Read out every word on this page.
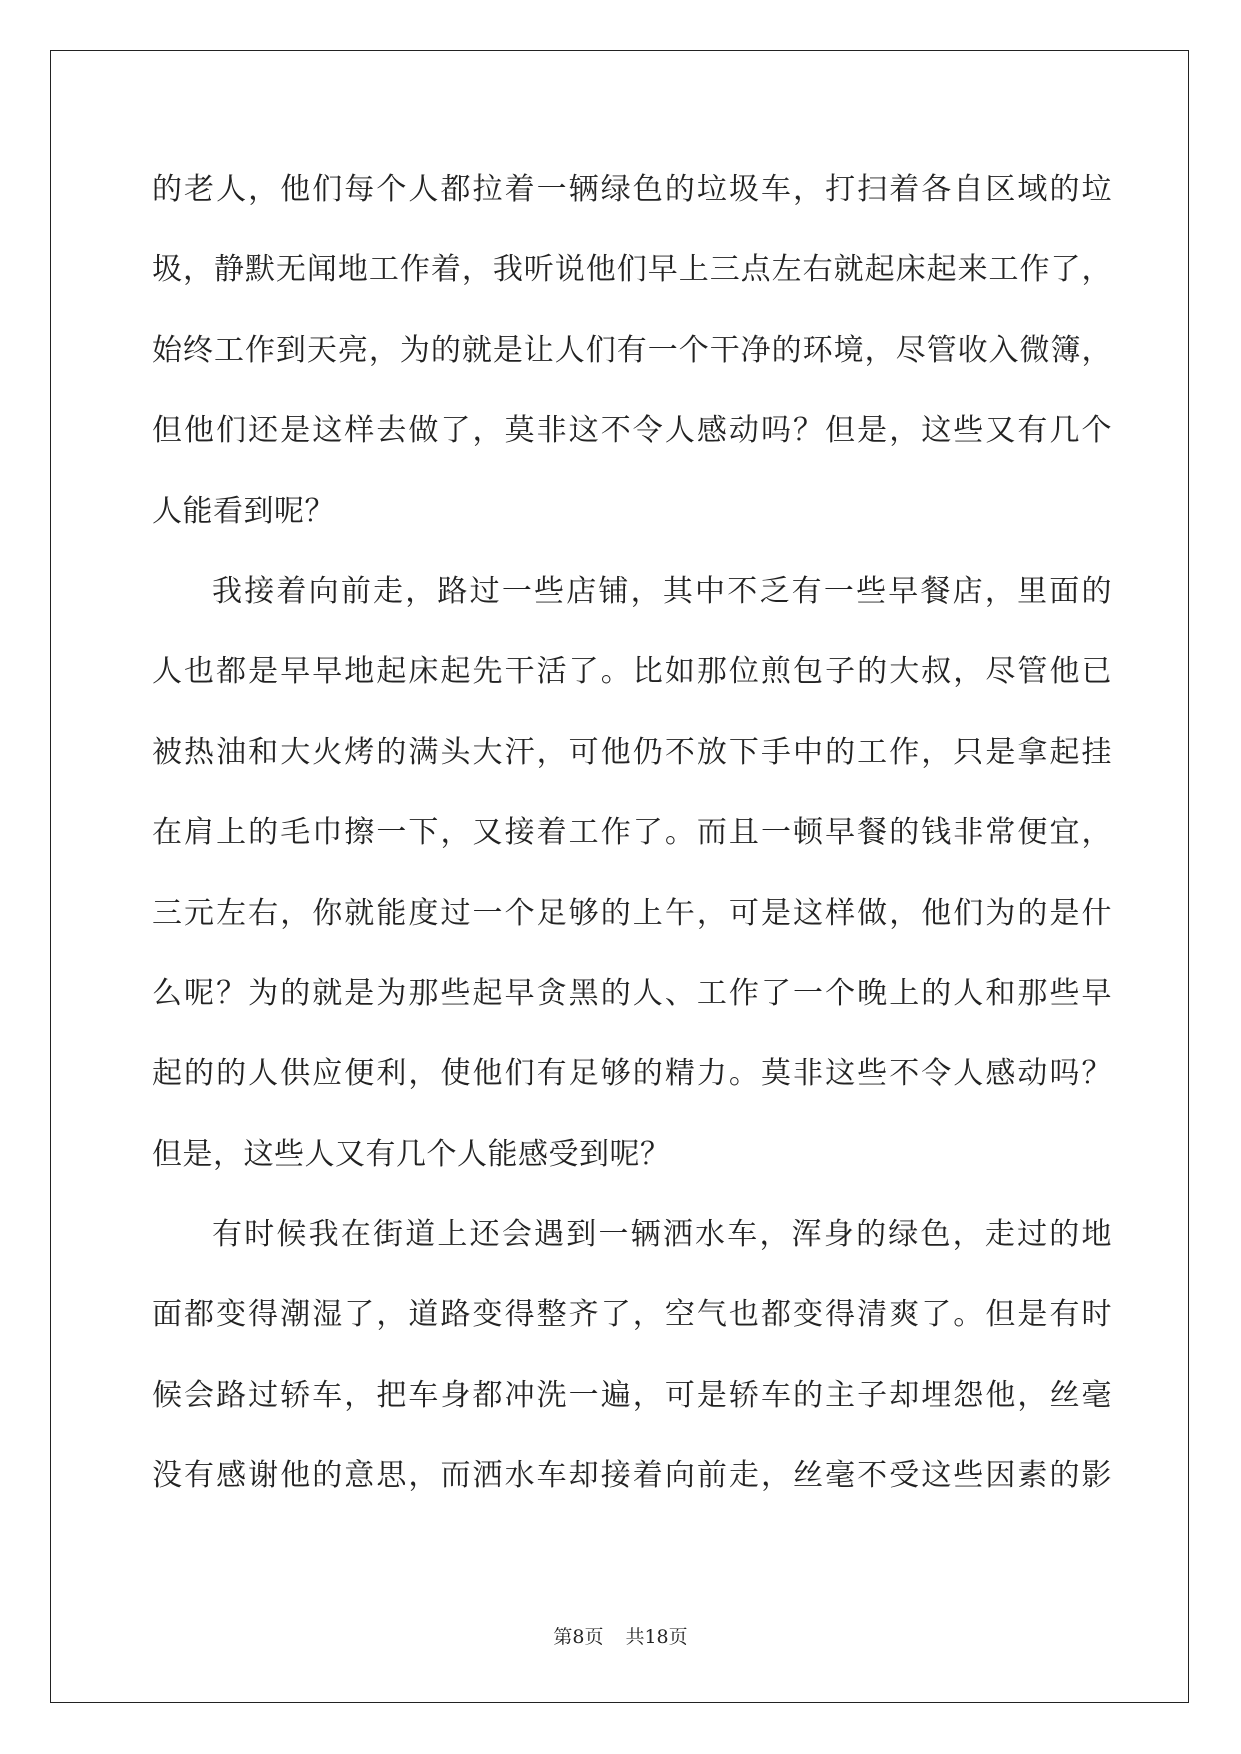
的老人，他们每个人都拉着一辆绿色的垃圾车，打扫着各自区域的垃
圾，静默无闻地工作着，我听说他们早上三点左右就起床起来工作了，
始终工作到天亮，为的就是让人们有一个干净的环境，尽管收入微簿，
但他们还是这样去做了，莫非这不令人感动吗？但是，这些又有几个
人能看到呢？
我接着向前走，路过一些店铺，其中不乏有一些早餐店，里面的
人也都是早早地起床起先干活了。比如那位煎包子的大叔，尽管他已
被热油和大火烤的满头大汗，可他仍不放下手中的工作，只是拿起挂
在肩上的毛巾擦一下，又接着工作了。而且一顿早餐的钱非常便宜，
三元左右，你就能度过一个足够的上午，可是这样做，他们为的是什
么呢？为的就是为那些起早贪黑的人、工作了一个晚上的人和那些早
起的的人供应便利，使他们有足够的精力。莫非这些不令人感动吗？
但是，这些人又有几个人能感受到呢？
有时候我在街道上还会遇到一辆洒水车，浑身的绿色，走过的地
面都变得潮湿了，道路变得整齐了，空气也都变得清爽了。但是有时
候会路过轿车，把车身都冲洗一遍，可是轿车的主子却埋怨他，丝毫
没有感谢他的意思，而洒水车却接着向前走，丝毫不受这些因素的影
第8页 共18页
